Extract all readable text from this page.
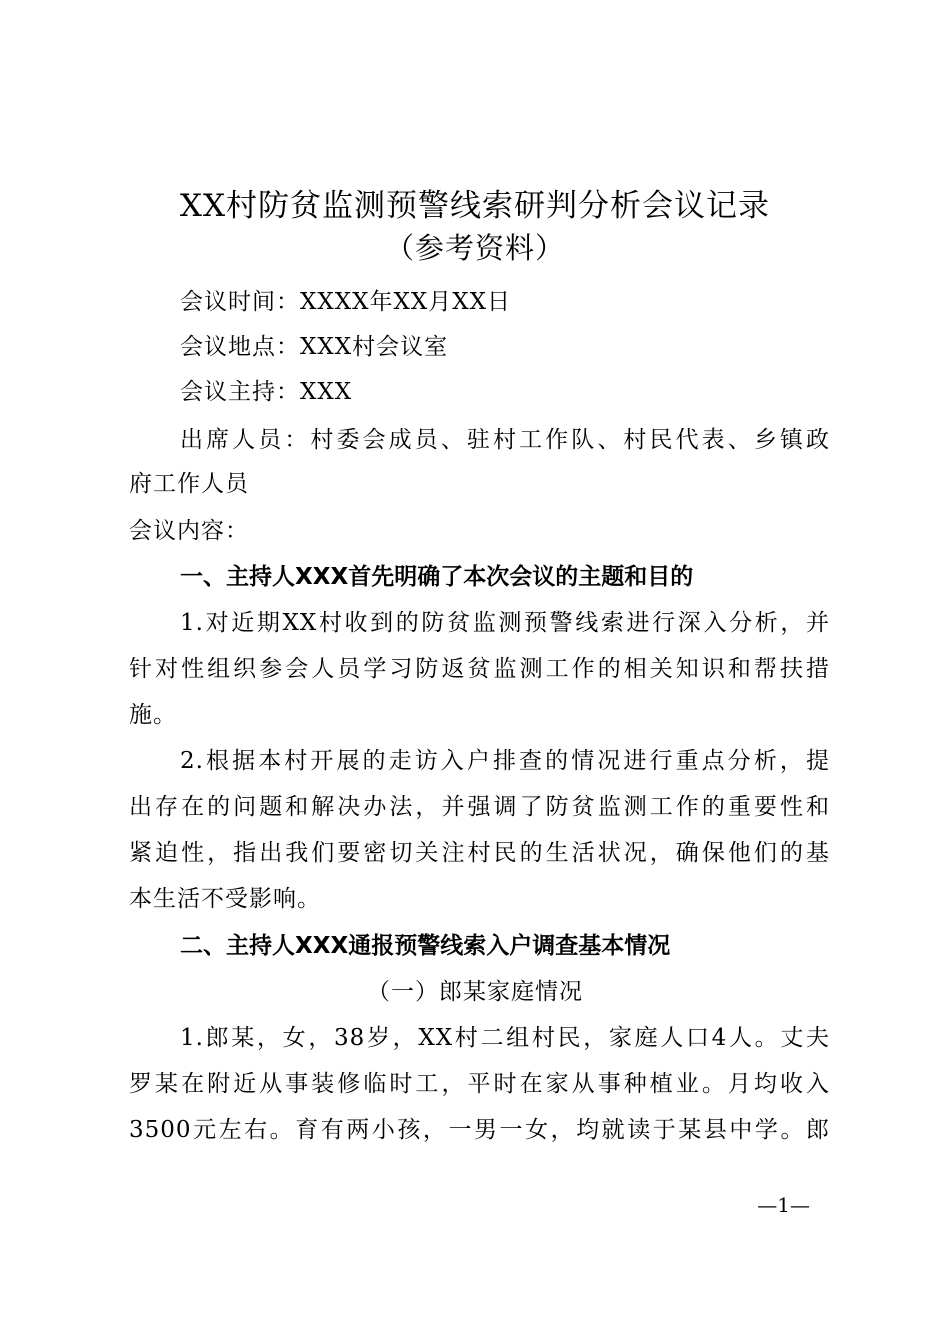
XX村防贫监测预警线索研判分析会议记录
（参考资料）
会议时间：XXXX年XX月XX日
会议地点：XXX村会议室
会议主持：XXX
出席人员：村委会成员、驻村工作队、村民代表、乡镇政
府工作人员
会议内容：
一、主持人XXX首先明确了本次会议的主题和目的
1.对近期XX村收到的防贫监测预警线索进行深入分析，并
针对性组织参会人员学习防返贫监测工作的相关知识和帮扶措
施。
2.根据本村开展的走访入户排查的情况进行重点分析，提
出存在的问题和解决办法，并强调了防贫监测工作的重要性和
紧迫性，指出我们要密切关注村民的生活状况，确保他们的基
本生活不受影响。
二、主持人XXX通报预警线索入户调查基本情况
（一）郎某家庭情况
1.郎某，女，38岁，XX村二组村民，家庭人口4人。丈夫
罗某在附近从事装修临时工，平时在家从事种植业。月均收入
3500元左右。育有两小孩，一男一女，均就读于某县中学。郎
—1—
